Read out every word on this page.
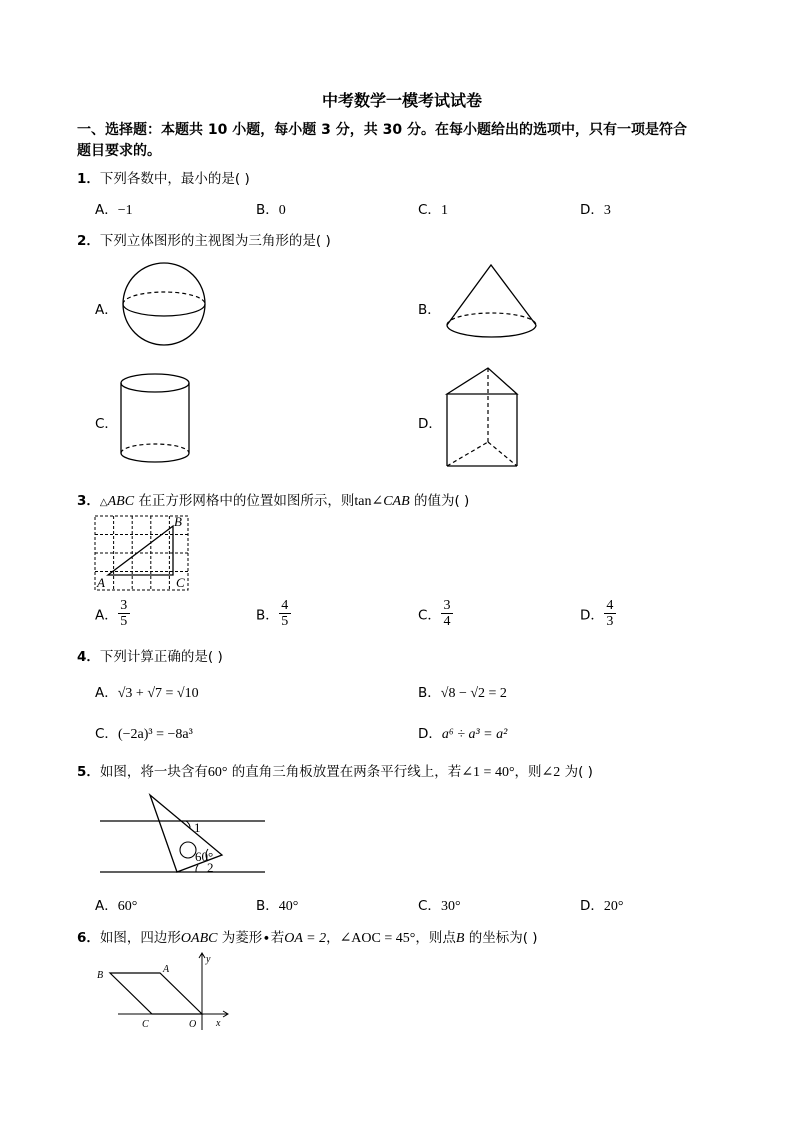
中考数学一模考试试卷
一、选择题：本题共 10 小题，每小题 3 分，共 30 分。在每小题给出的选项中，只有一项是符合
题目要求的。
1．下列各数中，最小的是( )
A．−1	B．0	C．1	D．3
2．下列立体图形的主视图为三角形的是( )
A．	B．
C．	D．
3．△ABC 在正方形网格中的位置如图所示，则tan∠CAB 的值为( )
B
A	C
A． $\frac{3}{5}$	B． $\frac{4}{5}$	C． $\frac{3}{4}$	D． $\frac{4}{3}$
4．下列计算正确的是( )
A．√3 + √7 = √10	B．√8 − √2 = 2
C．(−2a)³ = −8a³	D．a⁶ ÷ a³ = a²
5．如图，将一块含有60° 的直角三角板放置在两条平行线上，若∠1 = 40°，则∠2 为( )
1
60°
2
A．60°	B．40°	C．30°	D．20°
6．如图，四边形OABC 为菱形∙若OA = 2，∠AOC = 45°，则点B 的坐标为( )
B
A
C	O x
y
